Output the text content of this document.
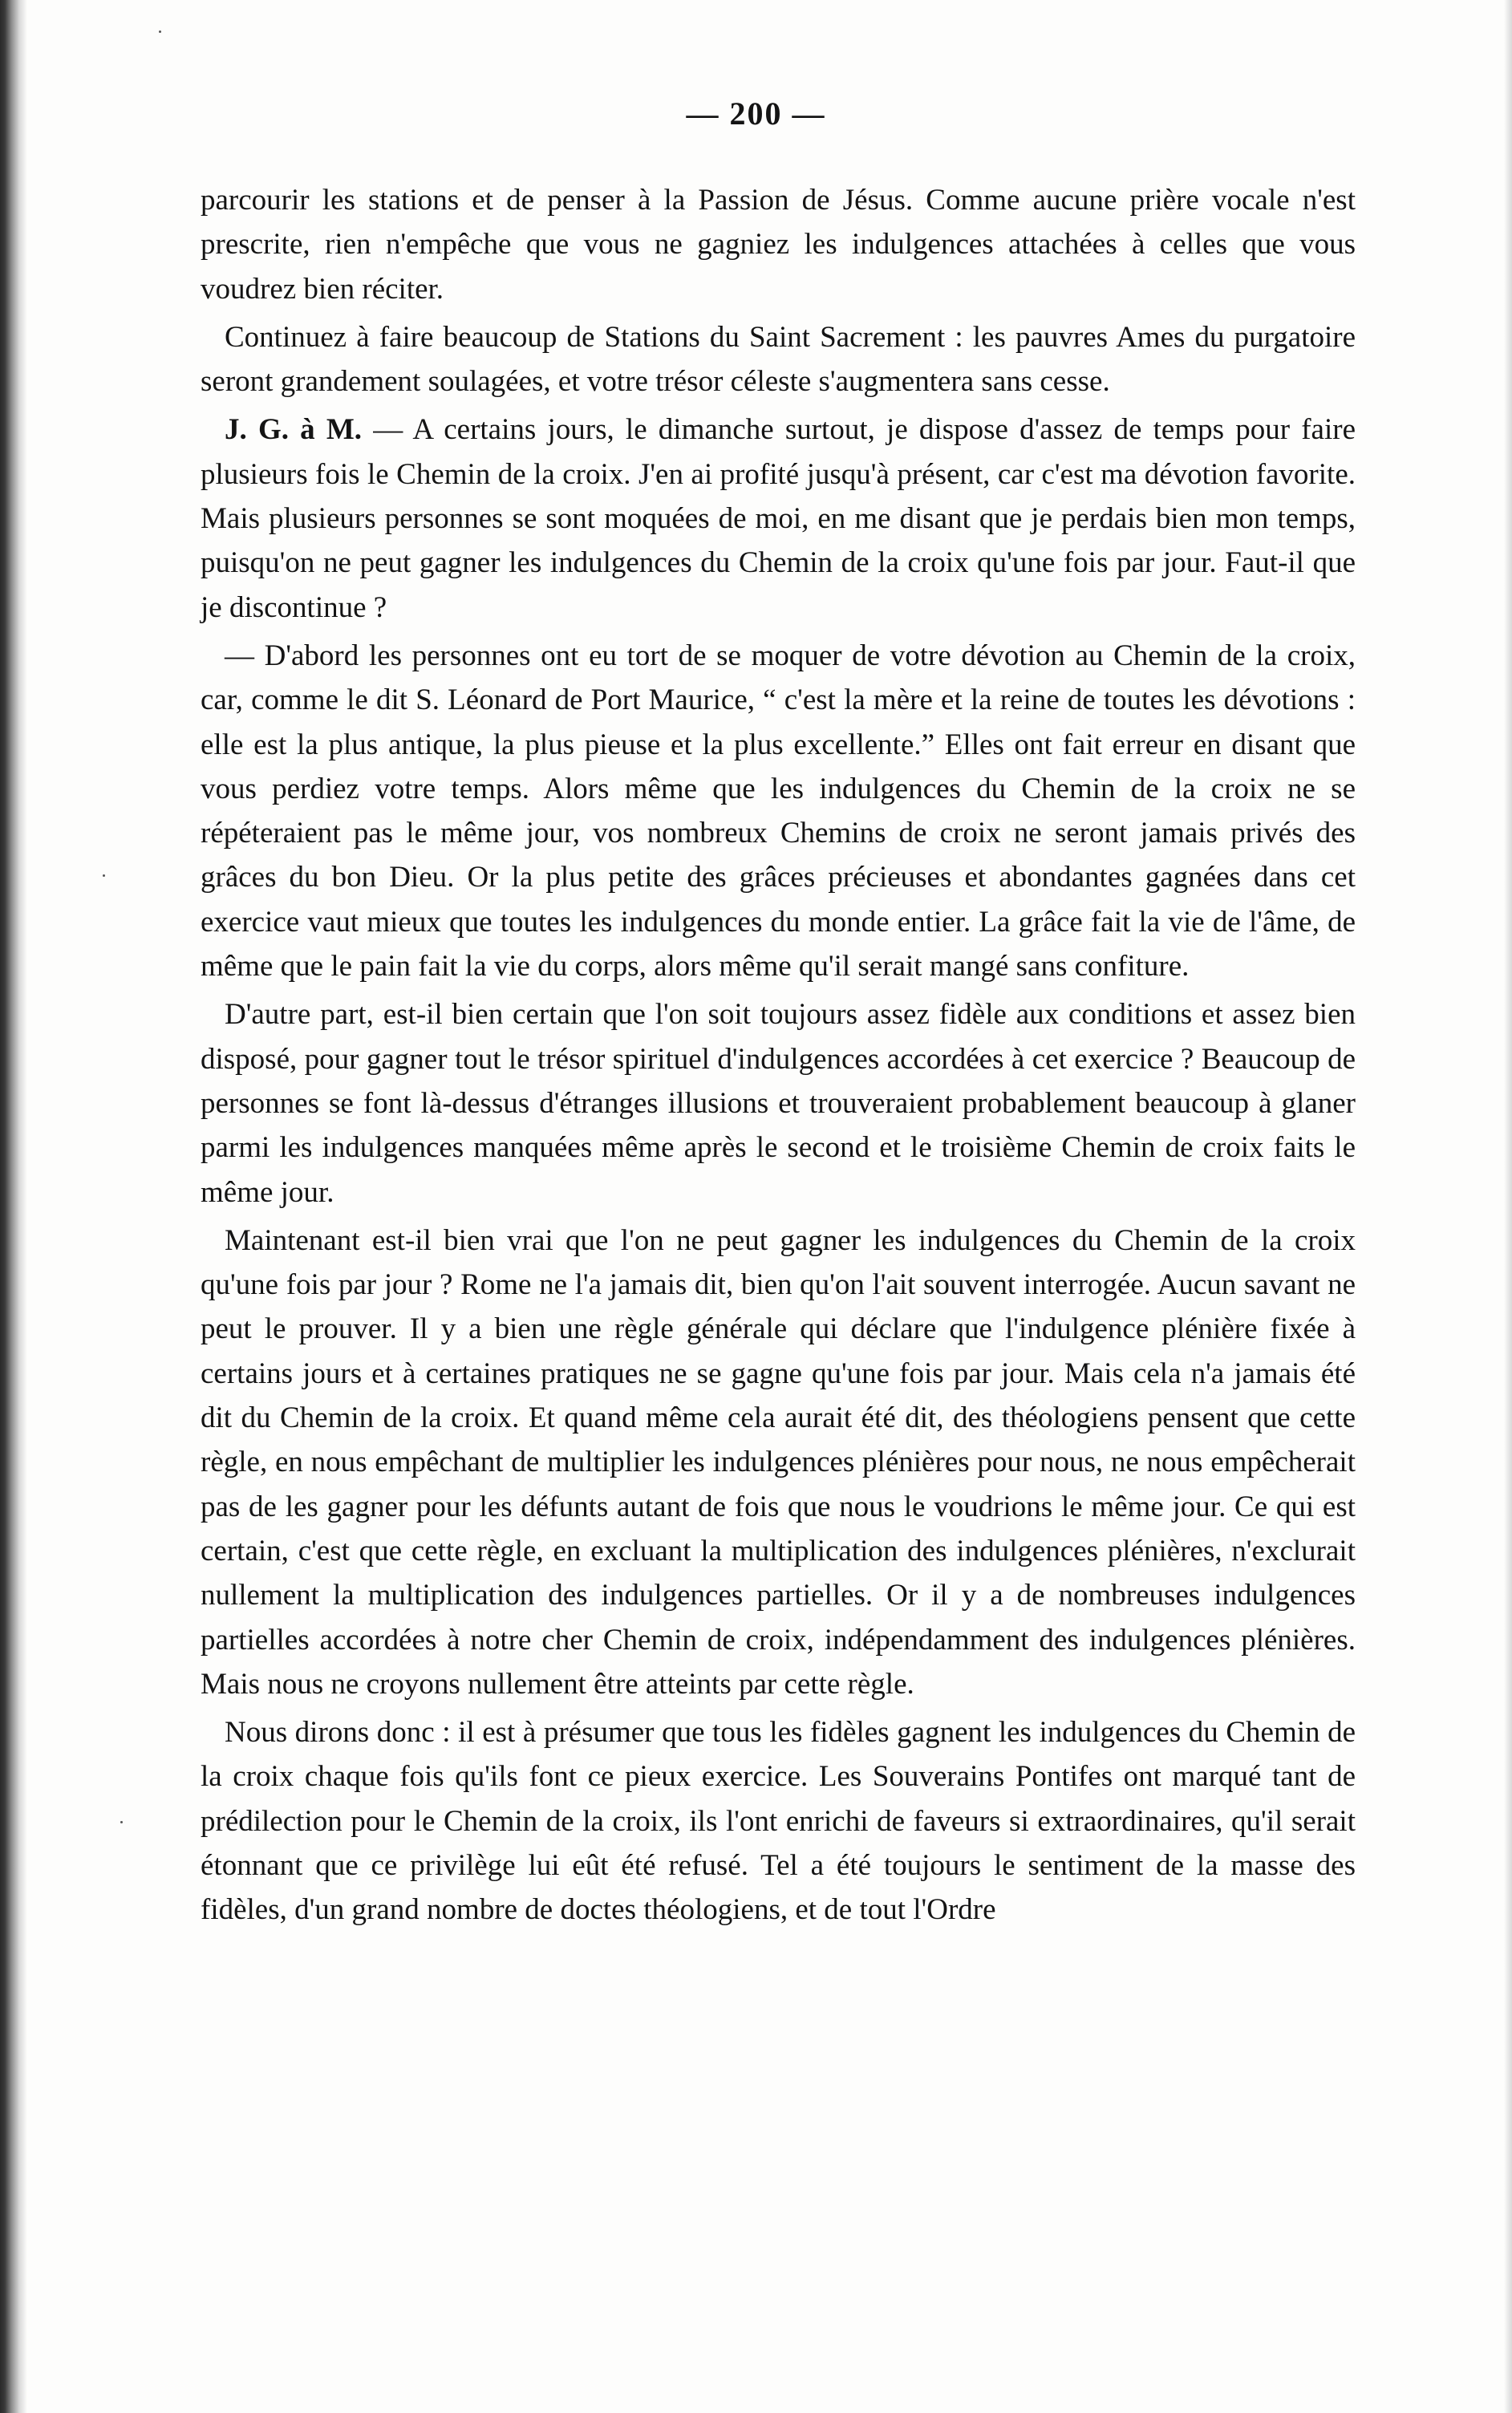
— 200 —

parcourir les stations et de penser à la Passion de Jésus. Comme aucune prière vocale n'est prescrite, rien n'empêche que vous ne gagniez les indulgences attachées à celles que vous voudrez bien réciter.

Continuez à faire beaucoup de Stations du Saint Sacrement : les pauvres Ames du purgatoire seront grandement soulagées, et votre trésor céleste s'augmentera sans cesse.

J. G. à M. — A certains jours, le dimanche surtout, je dispose d'assez de temps pour faire plusieurs fois le Chemin de la croix. J'en ai profité jusqu'à présent, car c'est ma dévotion favorite. Mais plusieurs personnes se sont moquées de moi, en me disant que je perdais bien mon temps, puisqu'on ne peut gagner les indulgences du Chemin de la croix qu'une fois par jour. Faut-il que je discontinue ?

— D'abord les personnes ont eu tort de se moquer de votre dévotion au Chemin de la croix, car, comme le dit S. Léonard de Port Maurice, “ c'est la mère et la reine de toutes les dévotions : elle est la plus antique, la plus pieuse et la plus excellente.” Elles ont fait erreur en disant que vous perdiez votre temps. Alors même que les indulgences du Chemin de la croix ne se répéteraient pas le même jour, vos nombreux Chemins de croix ne seront jamais privés des grâces du bon Dieu. Or la plus petite des grâces précieuses et abondantes gagnées dans cet exercice vaut mieux que toutes les indulgences du monde entier. La grâce fait la vie de l'âme, de même que le pain fait la vie du corps, alors même qu'il serait mangé sans confiture.

D'autre part, est-il bien certain que l'on soit toujours assez fidèle aux conditions et assez bien disposé, pour gagner tout le trésor spirituel d'indulgences accordées à cet exercice ? Beaucoup de personnes se font là-dessus d'étranges illusions et trouveraient probablement beaucoup à glaner parmi les indulgences manquées même après le second et le troisième Chemin de croix faits le même jour.

Maintenant est-il bien vrai que l'on ne peut gagner les indulgences du Chemin de la croix qu'une fois par jour ? Rome ne l'a jamais dit, bien qu'on l'ait souvent interrogée. Aucun savant ne peut le prouver. Il y a bien une règle générale qui déclare que l'indulgence plénière fixée à certains jours et à certaines pratiques ne se gagne qu'une fois par jour. Mais cela n'a jamais été dit du Chemin de la croix. Et quand même cela aurait été dit, des théologiens pensent que cette règle, en nous empêchant de multiplier les indulgences plénières pour nous, ne nous empêcherait pas de les gagner pour les défunts autant de fois que nous le voudrions le même jour. Ce qui est certain, c'est que cette règle, en excluant la multiplication des indulgences plénières, n'exclurait nullement la multiplication des indulgences partielles. Or il y a de nombreuses indulgences partielles accordées à notre cher Chemin de croix, indépendamment des indulgences plénières. Mais nous ne croyons nullement être atteints par cette règle.

Nous dirons donc : il est à présumer que tous les fidèles gagnent les indulgences du Chemin de la croix chaque fois qu'ils font ce pieux exercice. Les Souverains Pontifes ont marqué tant de prédilection pour le Chemin de la croix, ils l'ont enrichi de faveurs si extraordinaires, qu'il serait étonnant que ce privilège lui eût été refusé. Tel a été toujours le sentiment de la masse des fidèles, d'un grand nombre de doctes théologiens, et de tout l'Ordre
